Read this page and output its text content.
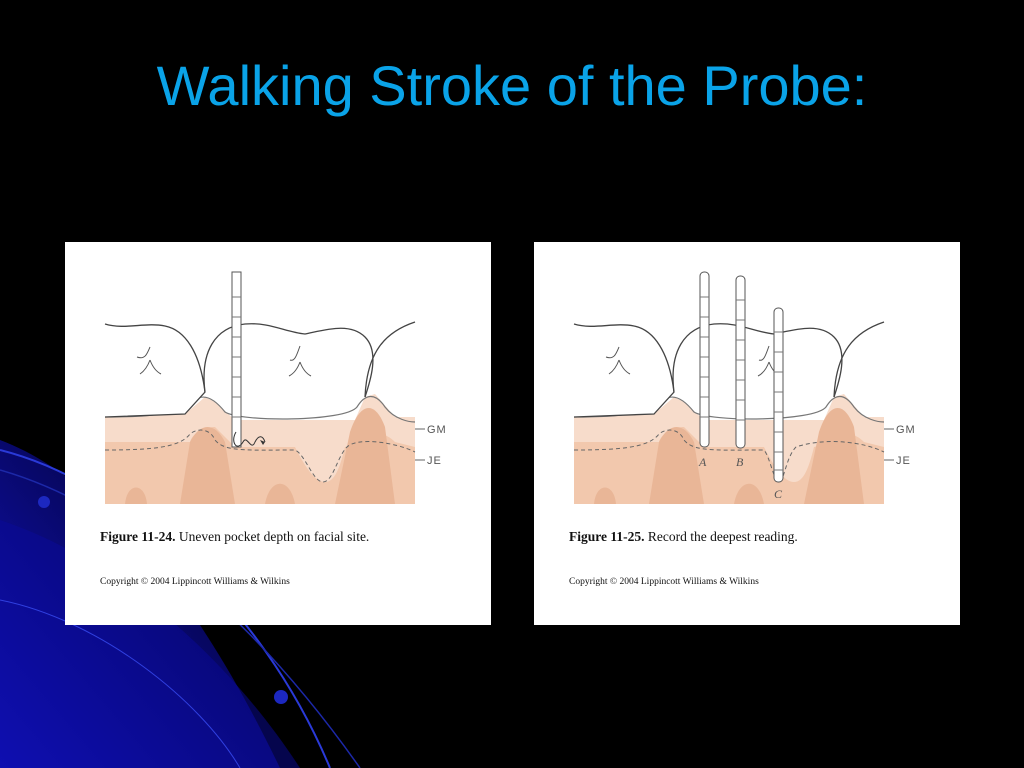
Walking Stroke of the Probe:
GM
JE
Figure 11-24. Uneven pocket depth on facial site.
Copyright © 2004 Lippincott Williams & Wilkins
A B
C
GM
JE
Figure 11-25. Record the deepest reading.
Copyright © 2004 Lippincott Williams & Wilkins
